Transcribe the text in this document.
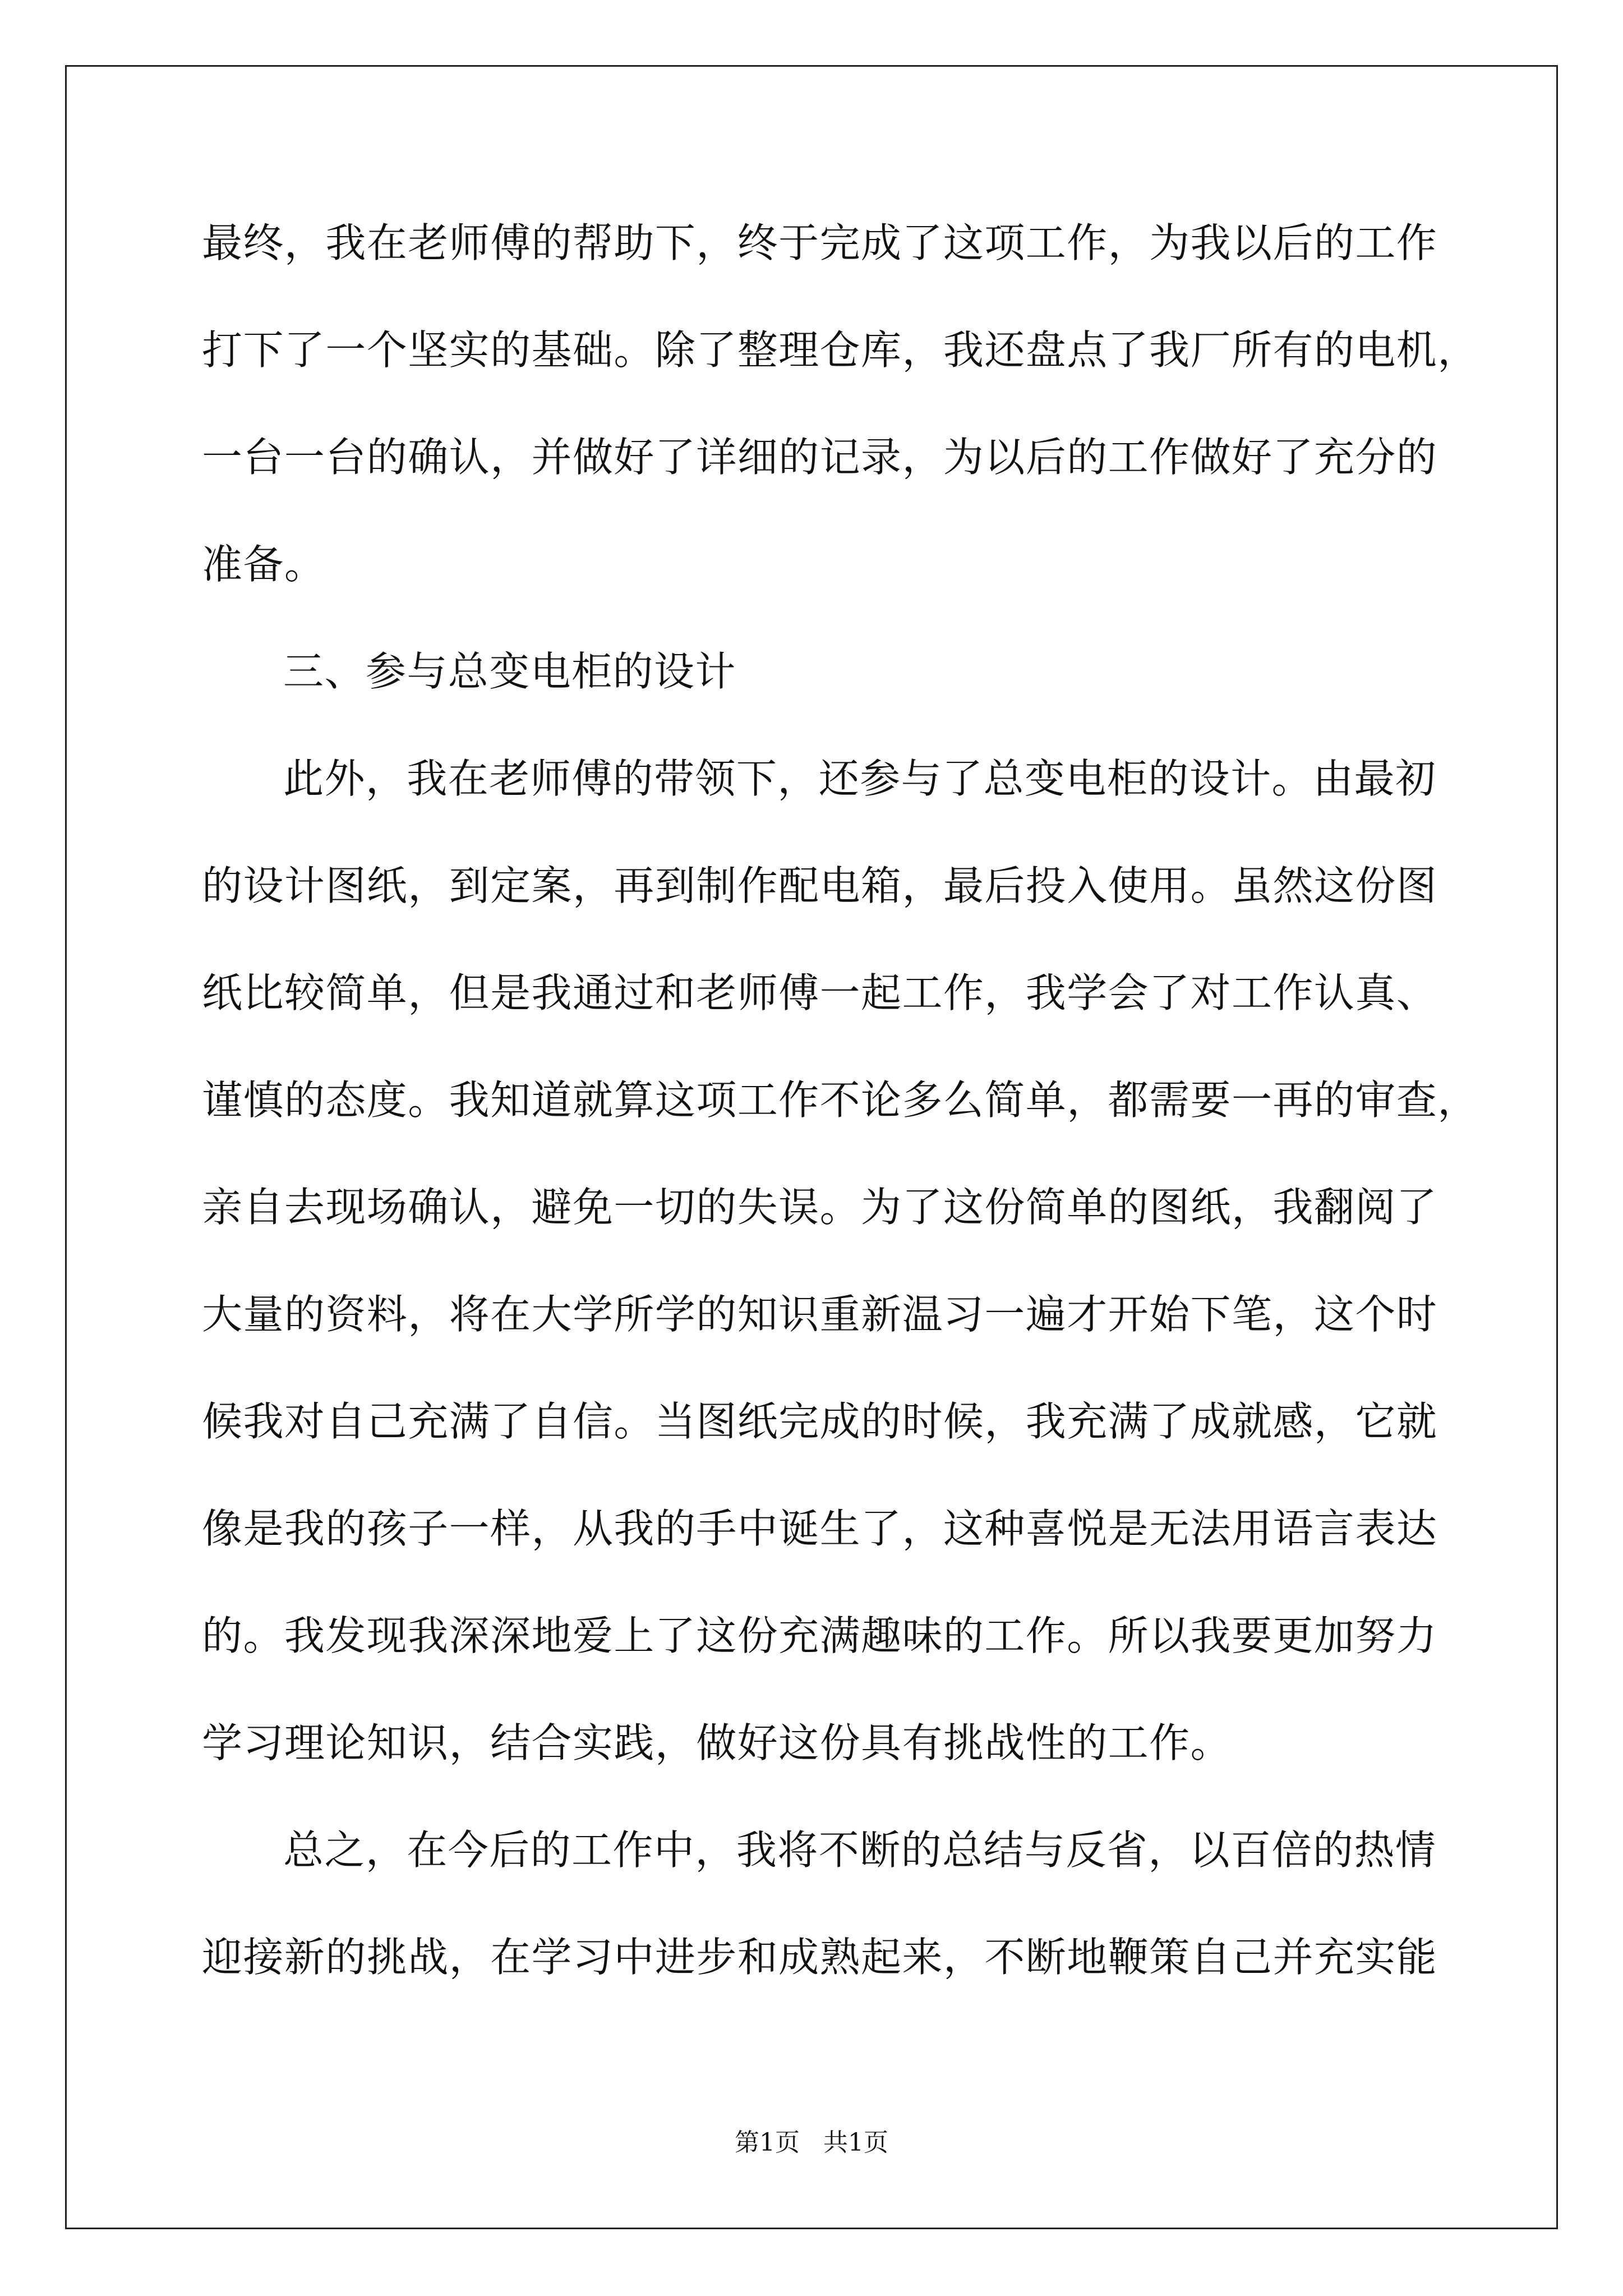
最终，我在老师傅的帮助下，终于完成了这项工作，为我以后的工作
打下了一个坚实的基础。除了整理仓库，我还盘点了我厂所有的电机，
一台一台的确认，并做好了详细的记录，为以后的工作做好了充分的
准备。
三、参与总变电柜的设计
此外，我在老师傅的带领下，还参与了总变电柜的设计。由最初
的设计图纸，到定案，再到制作配电箱，最后投入使用。虽然这份图
纸比较简单，但是我通过和老师傅一起工作，我学会了对工作认真、
谨慎的态度。我知道就算这项工作不论多么简单，都需要一再的审查，
亲自去现场确认，避免一切的失误。为了这份简单的图纸，我翻阅了
大量的资料，将在大学所学的知识重新温习一遍才开始下笔，这个时
候我对自己充满了自信。当图纸完成的时候，我充满了成就感，它就
像是我的孩子一样，从我的手中诞生了，这种喜悦是无法用语言表达
的。我发现我深深地爱上了这份充满趣味的工作。所以我要更加努力
学习理论知识，结合实践，做好这份具有挑战性的工作。
总之，在今后的工作中，我将不断的总结与反省，以百倍的热情
迎接新的挑战，在学习中进步和成熟起来，不断地鞭策自己并充实能
第1页   共1页
